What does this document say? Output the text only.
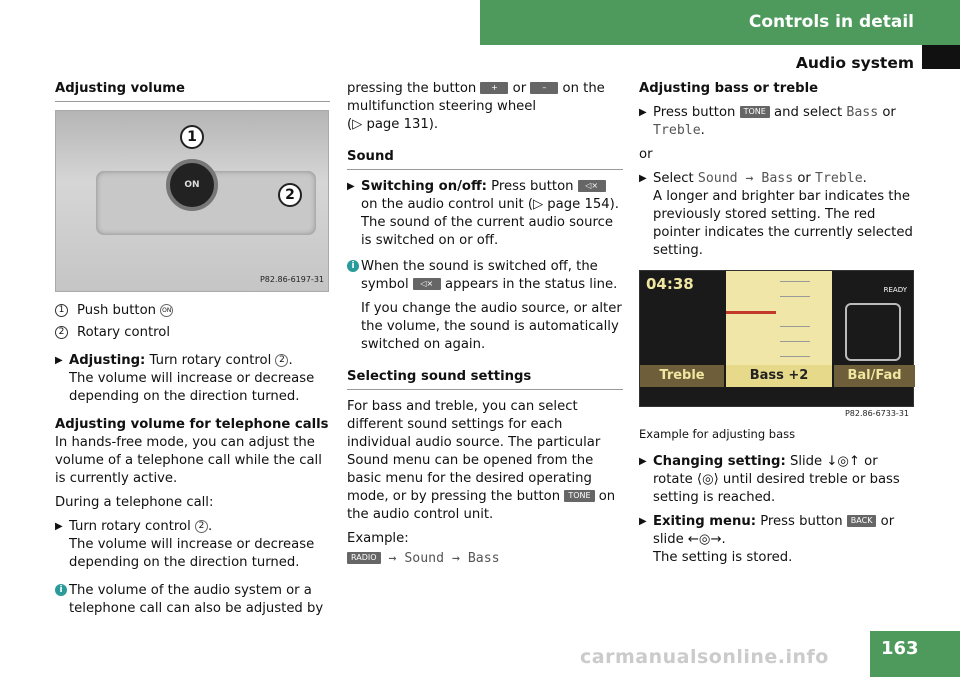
Controls in detail
Audio system
Adjusting volume
ON
1
2
P82.86-6197-31
1 Push button ON
2 Rotary control
▶ Adjusting: Turn rotary control 2 .
The volume will increase or decrease depending on the direction turned.
Adjusting volume for telephone calls

In hands-free mode, you can adjust the volume of a telephone call while the call is currently active.

During a telephone call:

▶ Turn rotary control 2 .
The volume will increase or decrease depending on the direction turned.
i The volume of the audio system or a telephone call can also be adjusted by

pressing the button + or – on the multifunction steering wheel
(▷ page 131).

Sound
▶ Switching on/off: Press button ◁× on the audio control unit (▷ page 154).
The sound of the current audio source is switched on or off.
i When the sound is switched off, the symbol ◁× appears in the status line.

If you change the audio source, or alter the volume, the sound is automatically switched on again.

Selecting sound settings

For bass and treble, you can select different sound settings for each individual audio source. The particular Sound menu can be opened from the basic menu for the desired operating mode, or by pressing the button TONE on the audio control unit.

Example:

RADIO → Sound → Bass

Adjusting bass or treble
▶ Press button TONE and select Bass or Treble.

or

▶ Select Sound → Bass or Treble.
A longer and brighter bar indicates the previously stored setting. The red pointer indicates the currently selected setting.
04:38	READY
Treble	Bass +2	Bal/Fad
P82.86-6733-31
Example for adjusting bass
▶ Changing setting: Slide ↓◎↑ or rotate ⟨◎⟩ until desired treble or bass setting is reached.
▶ Exiting menu: Press button BACK or slide ←◎→.
The setting is stored.
carmanualsonline.info	163
